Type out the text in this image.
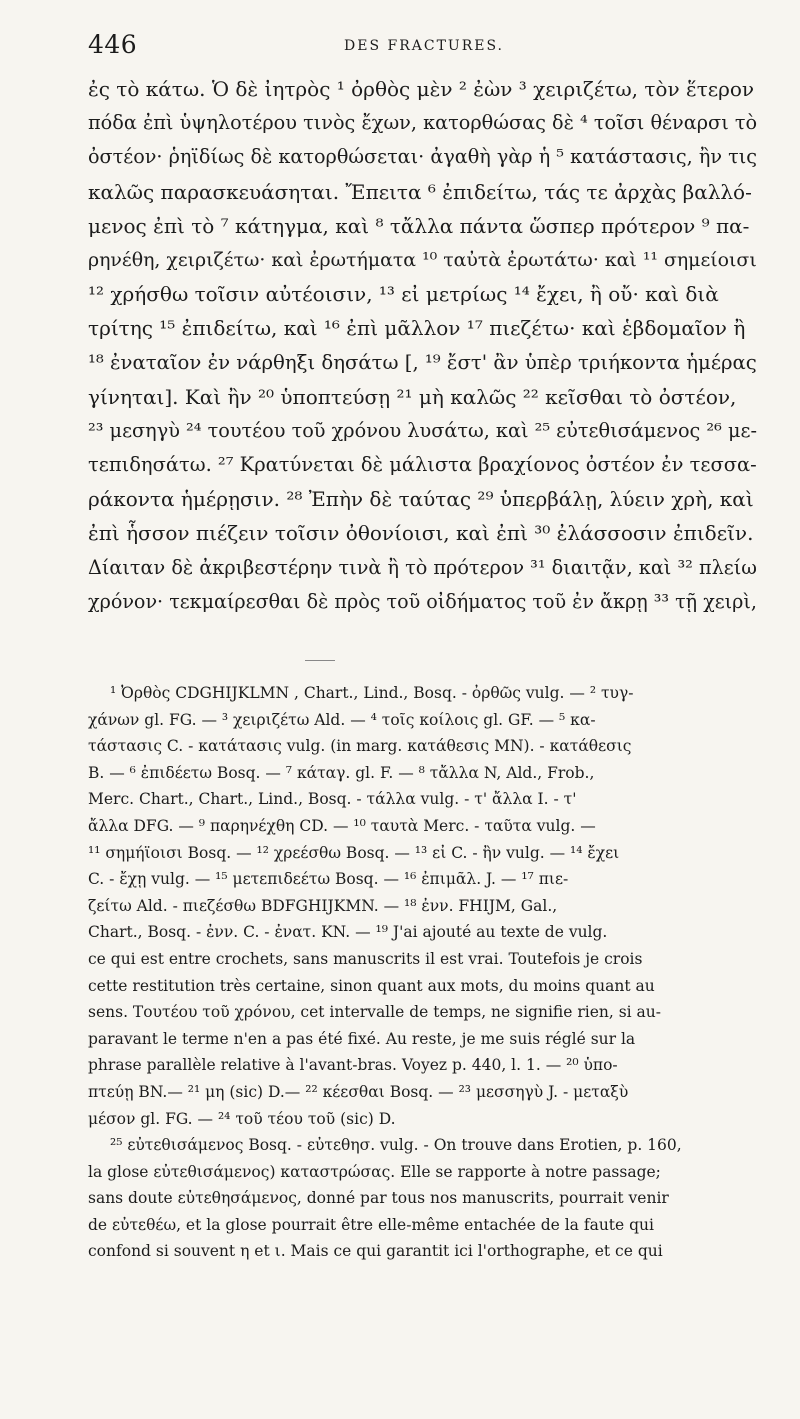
446	DES FRACTURES.
ἐς τὸ κάτω. Ὁ δὲ ἰητρὸς ¹ ὀρθὸς μὲν ² ἐὼν ³ χειριζέτω, τὸν ἕτερον
πόδα ἐπὶ ὑψηλοτέρου τινὸς ἔχων, κατορθώσας δὲ ⁴ τοῖσι θέναρσι τὸ
ὀστέον· ῥηϊδίως δὲ κατορθώσεται· ἀγαθὴ γὰρ ἡ ⁵ κατάστασις, ἢν τις
καλῶς παρασκευάσηται. Ἔπειτα ⁶ ἐπιδείτω, τάς τε ἀρχὰς βαλλό-
μενος ἐπὶ τὸ ⁷ κάτηγμα, καὶ ⁸ τἄλλα πάντα ὥσπερ πρότερον ⁹ πα-
ρηνέθη, χειριζέτω· καὶ ἐρωτήματα ¹⁰ ταὐτὰ ἐρωτάτω· καὶ ¹¹ σημείοισι
¹² χρήσθω τοῖσιν αὐτέοισιν, ¹³ εἰ μετρίως ¹⁴ ἔχει, ἢ οὔ· καὶ διὰ
τρίτης ¹⁵ ἐπιδείτω, καὶ ¹⁶ ἐπὶ μᾶλλον ¹⁷ πιεζέτω· καὶ ἑβδομαῖον ἢ
¹⁸ ἐναταῖον ἐν νάρθηξι δησάτω [, ¹⁹ ἔστ' ἂν ὑπὲρ τριήκοντα ἡμέρας
γίνηται]. Καὶ ἢν ²⁰ ὑποπτεύσῃ ²¹ μὴ καλῶς ²² κεῖσθαι τὸ ὀστέον,
²³ μεσηγὺ ²⁴ τουτέου τοῦ χρόνου λυσάτω, καὶ ²⁵ εὐτεθισάμενος ²⁶ με-
τεπιδησάτω. ²⁷ Κρατύνεται δὲ μάλιστα βραχίονος ὀστέον ἐν τεσσα-
ράκοντα ἡμέρῃσιν. ²⁸ Ἐπὴν δὲ ταύτας ²⁹ ὑπερβάλῃ, λύειν χρὴ, καὶ
ἐπὶ ἧσσον πιέζειν τοῖσιν ὀθονίοισι, καὶ ἐπὶ ³⁰ ἐλάσσοσιν ἐπιδεῖν.
Δίαιταν δὲ ἀκριβεστέρην τινὰ ἢ τὸ πρότερον ³¹ διαιτᾷν, καὶ ³² πλείω
χρόνον· τεκμαίρεσθαι δὲ πρὸς τοῦ οἰδήματος τοῦ ἐν ἄκρῃ ³³ τῇ χειρὶ,
¹ Ὀρθὸς CDGHIJKLMN , Chart., Lind., Bosq. - ὀρθῶς vulg. — ² τυγ-
χάνων gl. FG. — ³ χειριζέτω Ald. — ⁴ τοῖς κοίλοις gl. GF. — ⁵ κα-
τάστασις C. - κατάτασις vulg. (in marg. κατάθεσις MN). - κατάθεσις
B. — ⁶ ἐπιδέετω Bosq. — ⁷ κάταγ. gl. F. — ⁸ τἄλλα N, Ald., Frob.,
Merc. Chart., Chart., Lind., Bosq. - τάλλα vulg. - τ' ἄλλα I. - τ'
ἄλλα DFG. — ⁹ παρηνέχθη CD. — ¹⁰ ταυτὰ Merc. - ταῦτα vulg. —
¹¹ σημήϊοισι Bosq. — ¹² χρεέσθω Bosq. — ¹³ εἰ C. - ἢν vulg. — ¹⁴ ἔχει
C. - ἔχῃ vulg. — ¹⁵ μετεπιδεέτω Bosq. — ¹⁶ ἐπιμᾶλ. J. — ¹⁷ πιε-
ζείτω Ald. - πιεζέσθω BDFGHIJKMN. — ¹⁸ ἐνν. FHIJM, Gal.,
Chart., Bosq. - ἐνν. C. - ἐνατ. KN. — ¹⁹ J'ai ajouté au texte de vulg.
ce qui est entre crochets, sans manuscrits il est vrai. Toutefois je crois
cette restitution très certaine, sinon quant aux mots, du moins quant au
sens. Τουτέου τοῦ χρόνου, cet intervalle de temps, ne signifie rien, si au-
paravant le terme n'en a pas été fixé. Au reste, je me suis réglé sur la
phrase parallèle relative à l'avant-bras. Voyez p. 440, l. 1. — ²⁰ ὑπο-
πτεύῃ BN.— ²¹ μη (sic) D.— ²² κέεσθαι Bosq. — ²³ μεσσηγὺ J. - μεταξὺ
μέσον gl. FG. — ²⁴ τοῦ τέου τοῦ (sic) D.
²⁵ εὐτεθισάμενος Bosq. - εὐτεθησ. vulg. - On trouve dans Erotien, p. 160,
la glose εὐτεθισάμενος) καταστρώσας. Elle se rapporte à notre passage;
sans doute εὐτεθησάμενος, donné par tous nos manuscrits, pourrait venir
de εὐτεθέω, et la glose pourrait être elle-même entachée de la faute qui
confond si souvent η et ι. Mais ce qui garantit ici l'orthographe, et ce qui
